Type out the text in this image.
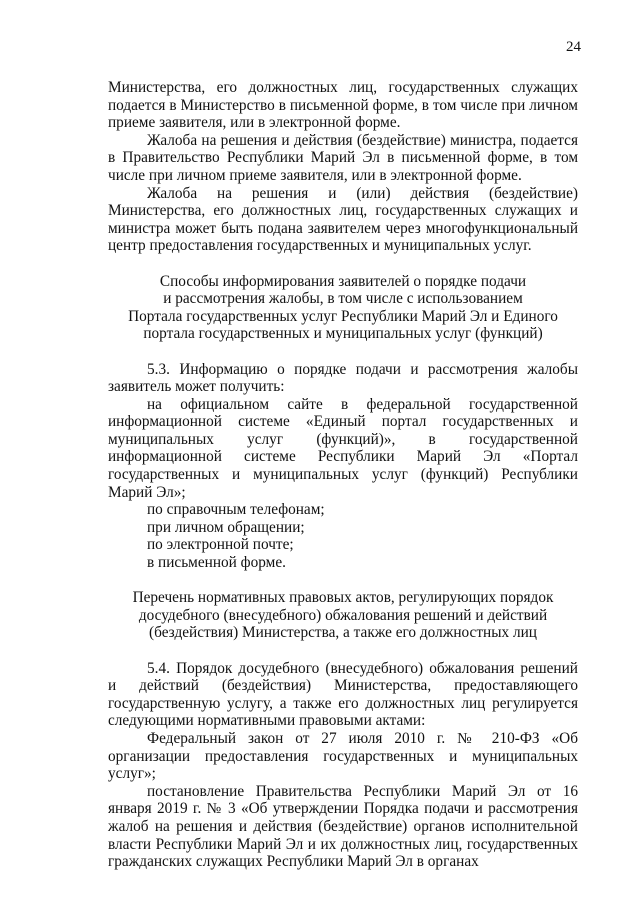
24

Министерства, его должностных лиц, государственных служащих подается в Министерство в письменной форме, в том числе при личном приеме заявителя, или в электронной форме.

Жалоба на решения и действия (бездействие) министра, подается в Правительство Республики Марий Эл в письменной форме, в том числе при личном приеме заявителя, или в электронной форме.

Жалоба на решения и (или) действия (бездействие) Министерства, его должностных лиц, государственных служащих и министра может быть подана заявителем через многофункциональный центр предоставления государственных и муниципальных услуг.

Способы информирования заявителей о порядке подачи
и рассмотрения жалобы, в том числе с использованием
Портала государственных услуг Республики Марий Эл и Единого
портала государственных и муниципальных услуг (функций)

5.3. Информацию о порядке подачи и рассмотрения жалобы заявитель может получить:

на официальном сайте в федеральной государственной информационной системе «Единый портал государственных и муниципальных услуг (функций)», в государственной информационной системе Республики Марий Эл «Портал государственных и муниципальных услуг (функций) Республики Марий Эл»;

по справочным телефонам;

при личном обращении;

по электронной почте;

в письменной форме.

Перечень нормативных правовых актов, регулирующих порядок
досудебного (внесудебного) обжалования решений и действий
(бездействия) Министерства, а также его должностных лиц

5.4. Порядок досудебного (внесудебного) обжалования решений и действий (бездействия) Министерства, предоставляющего государственную услугу, а также его должностных лиц регулируется следующими нормативными правовыми актами:

Федеральный закон от 27 июля 2010 г. № 210-ФЗ «Об организации предоставления государственных и муниципальных услуг»;

постановление Правительства Республики Марий Эл от 16 января 2019 г. № 3 «Об утверждении Порядка подачи и рассмотрения жалоб на решения и действия (бездействие) органов исполнительной власти Республики Марий Эл и их должностных лиц, государственных гражданских служащих Республики Марий Эл в органах
